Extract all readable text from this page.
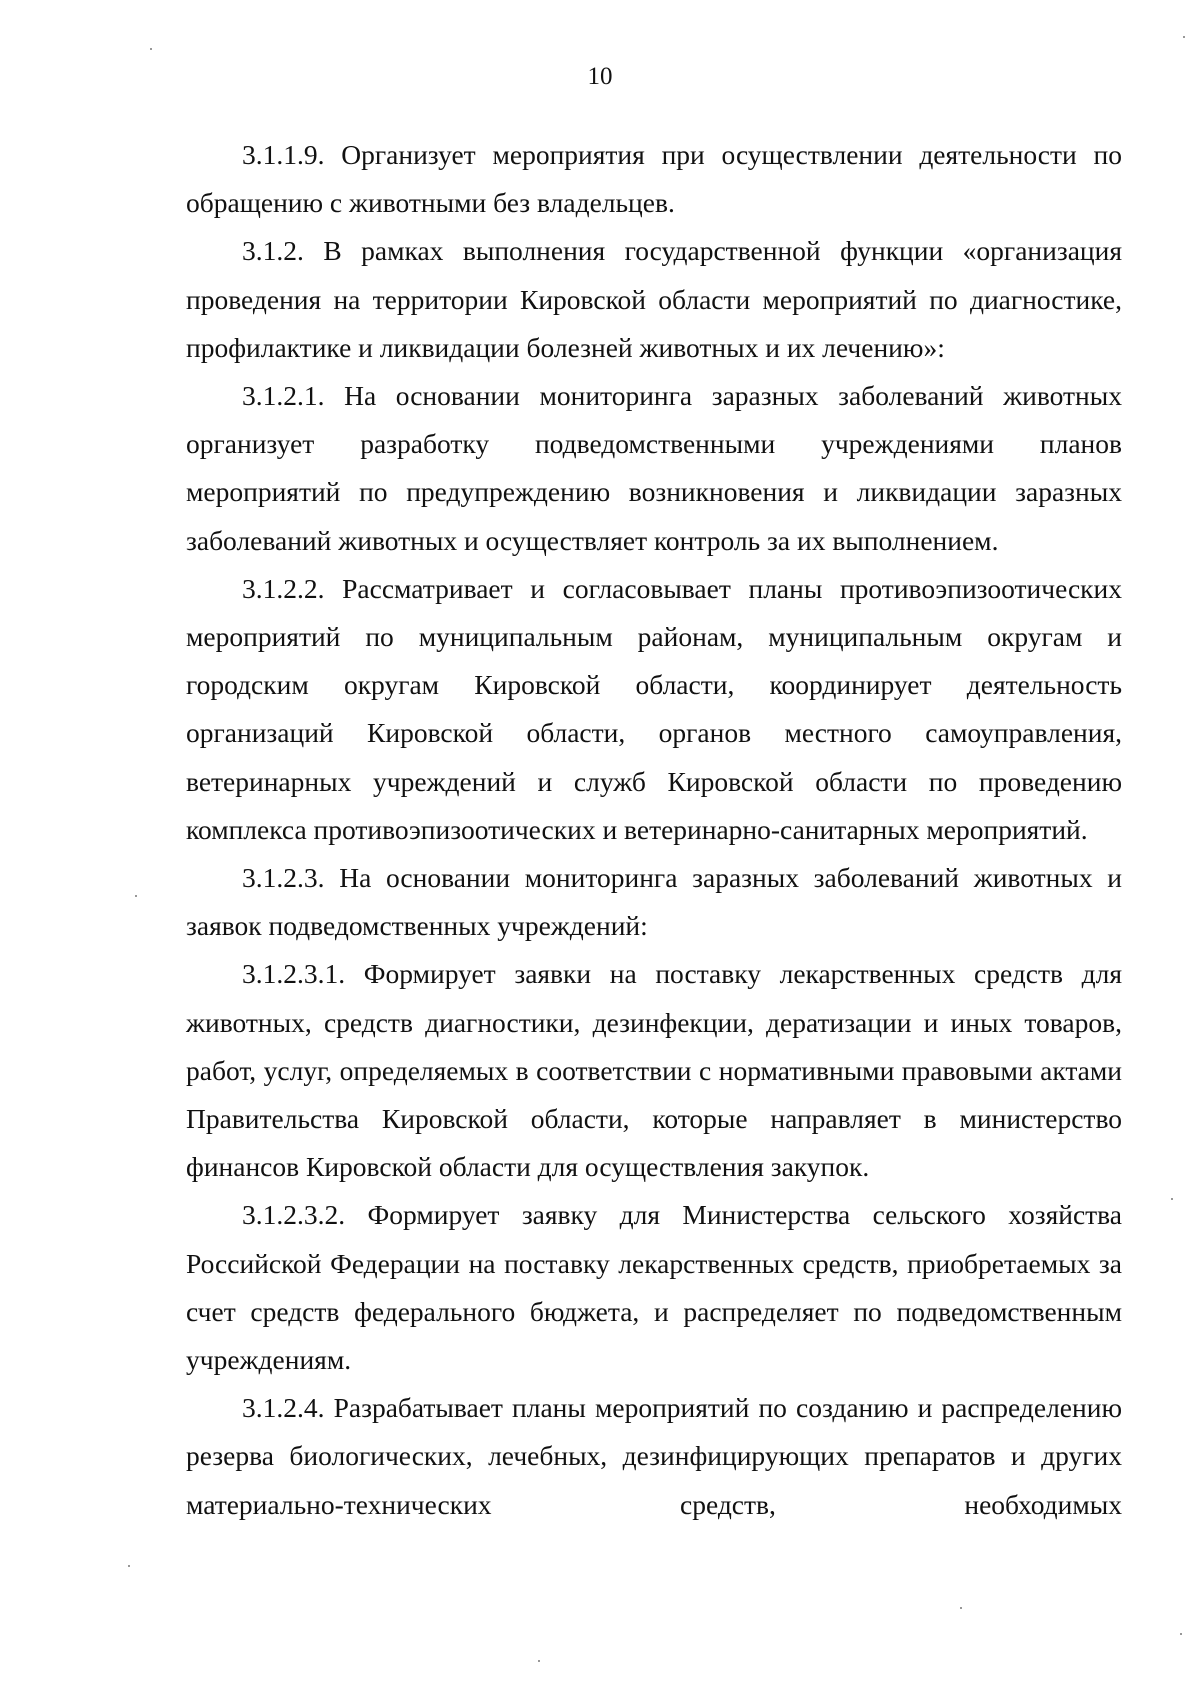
10

3.1.1.9. Организует мероприятия при осуществлении деятельности по обращению с животными без владельцев.

3.1.2. В рамках выполнения государственной функции «организация проведения на территории Кировской области мероприятий по диагностике, профилактике и ликвидации болезней животных и их лечению»:

3.1.2.1. На основании мониторинга заразных заболеваний животных организует разработку подведомственными учреждениями планов мероприятий по предупреждению возникновения и ликвидации заразных заболеваний животных и осуществляет контроль за их выполнением.

3.1.2.2. Рассматривает и согласовывает планы противоэпизоотических мероприятий по муниципальным районам, муниципальным округам и городским округам Кировской области, координирует деятельность организаций Кировской области, органов местного самоуправления, ветеринарных учреждений и служб Кировской области по проведению комплекса противоэпизоотических и ветеринарно-санитарных мероприятий.

3.1.2.3. На основании мониторинга заразных заболеваний животных и заявок подведомственных учреждений:

3.1.2.3.1. Формирует заявки на поставку лекарственных средств для животных, средств диагностики, дезинфекции, дератизации и иных товаров, работ, услуг, определяемых в соответствии с нормативными правовыми актами Правительства Кировской области, которые направляет в министерство финансов Кировской области для осуществления закупок.

3.1.2.3.2. Формирует заявку для Министерства сельского хозяйства Российской Федерации на поставку лекарственных средств, приобретаемых за счет средств федерального бюджета, и распределяет по подведомственным учреждениям.

3.1.2.4. Разрабатывает планы мероприятий по созданию и распределению резерва биологических, лечебных, дезинфицирующих препаратов и других материально-технических средств, необходимых
